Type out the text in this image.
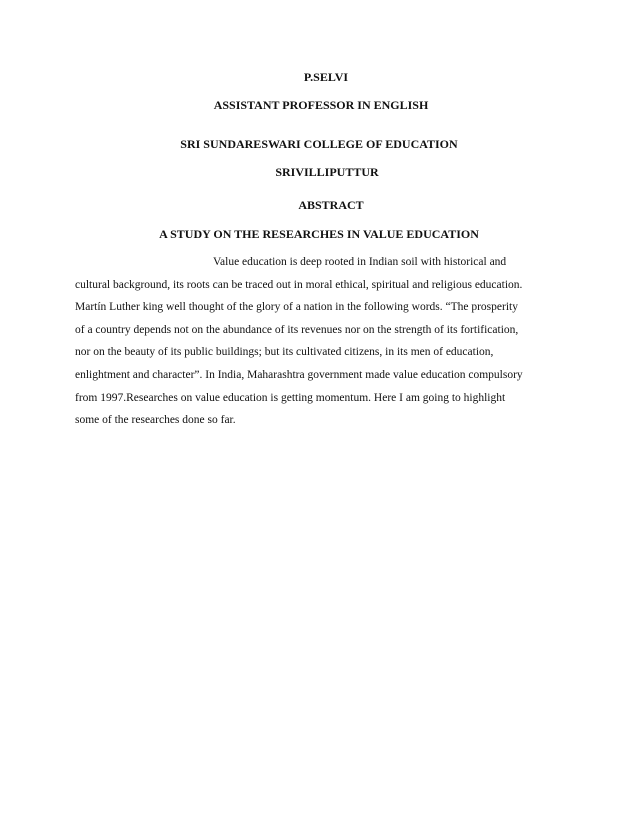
P.SELVI
ASSISTANT PROFESSOR IN ENGLISH
SRI SUNDARESWARI COLLEGE OF EDUCATION
SRIVILLIPUTTUR
ABSTRACT
A STUDY ON THE RESEARCHES IN VALUE EDUCATION
Value education is deep rooted in Indian soil with historical and
cultural background, its roots can be traced out in moral ethical, spiritual and religious education.
Martín Luther king well thought of the glory of a nation in the following words. “The prosperity
of a country depends not on the abundance of its revenues nor on the strength of its fortification,
nor on the beauty of its public buildings; but its cultivated citizens, in its men of education,
enlightment and character”. In India, Maharashtra government made value education compulsory
from 1997.Researches on value education is getting momentum. Here I am going to highlight
some of the researches done so far.
